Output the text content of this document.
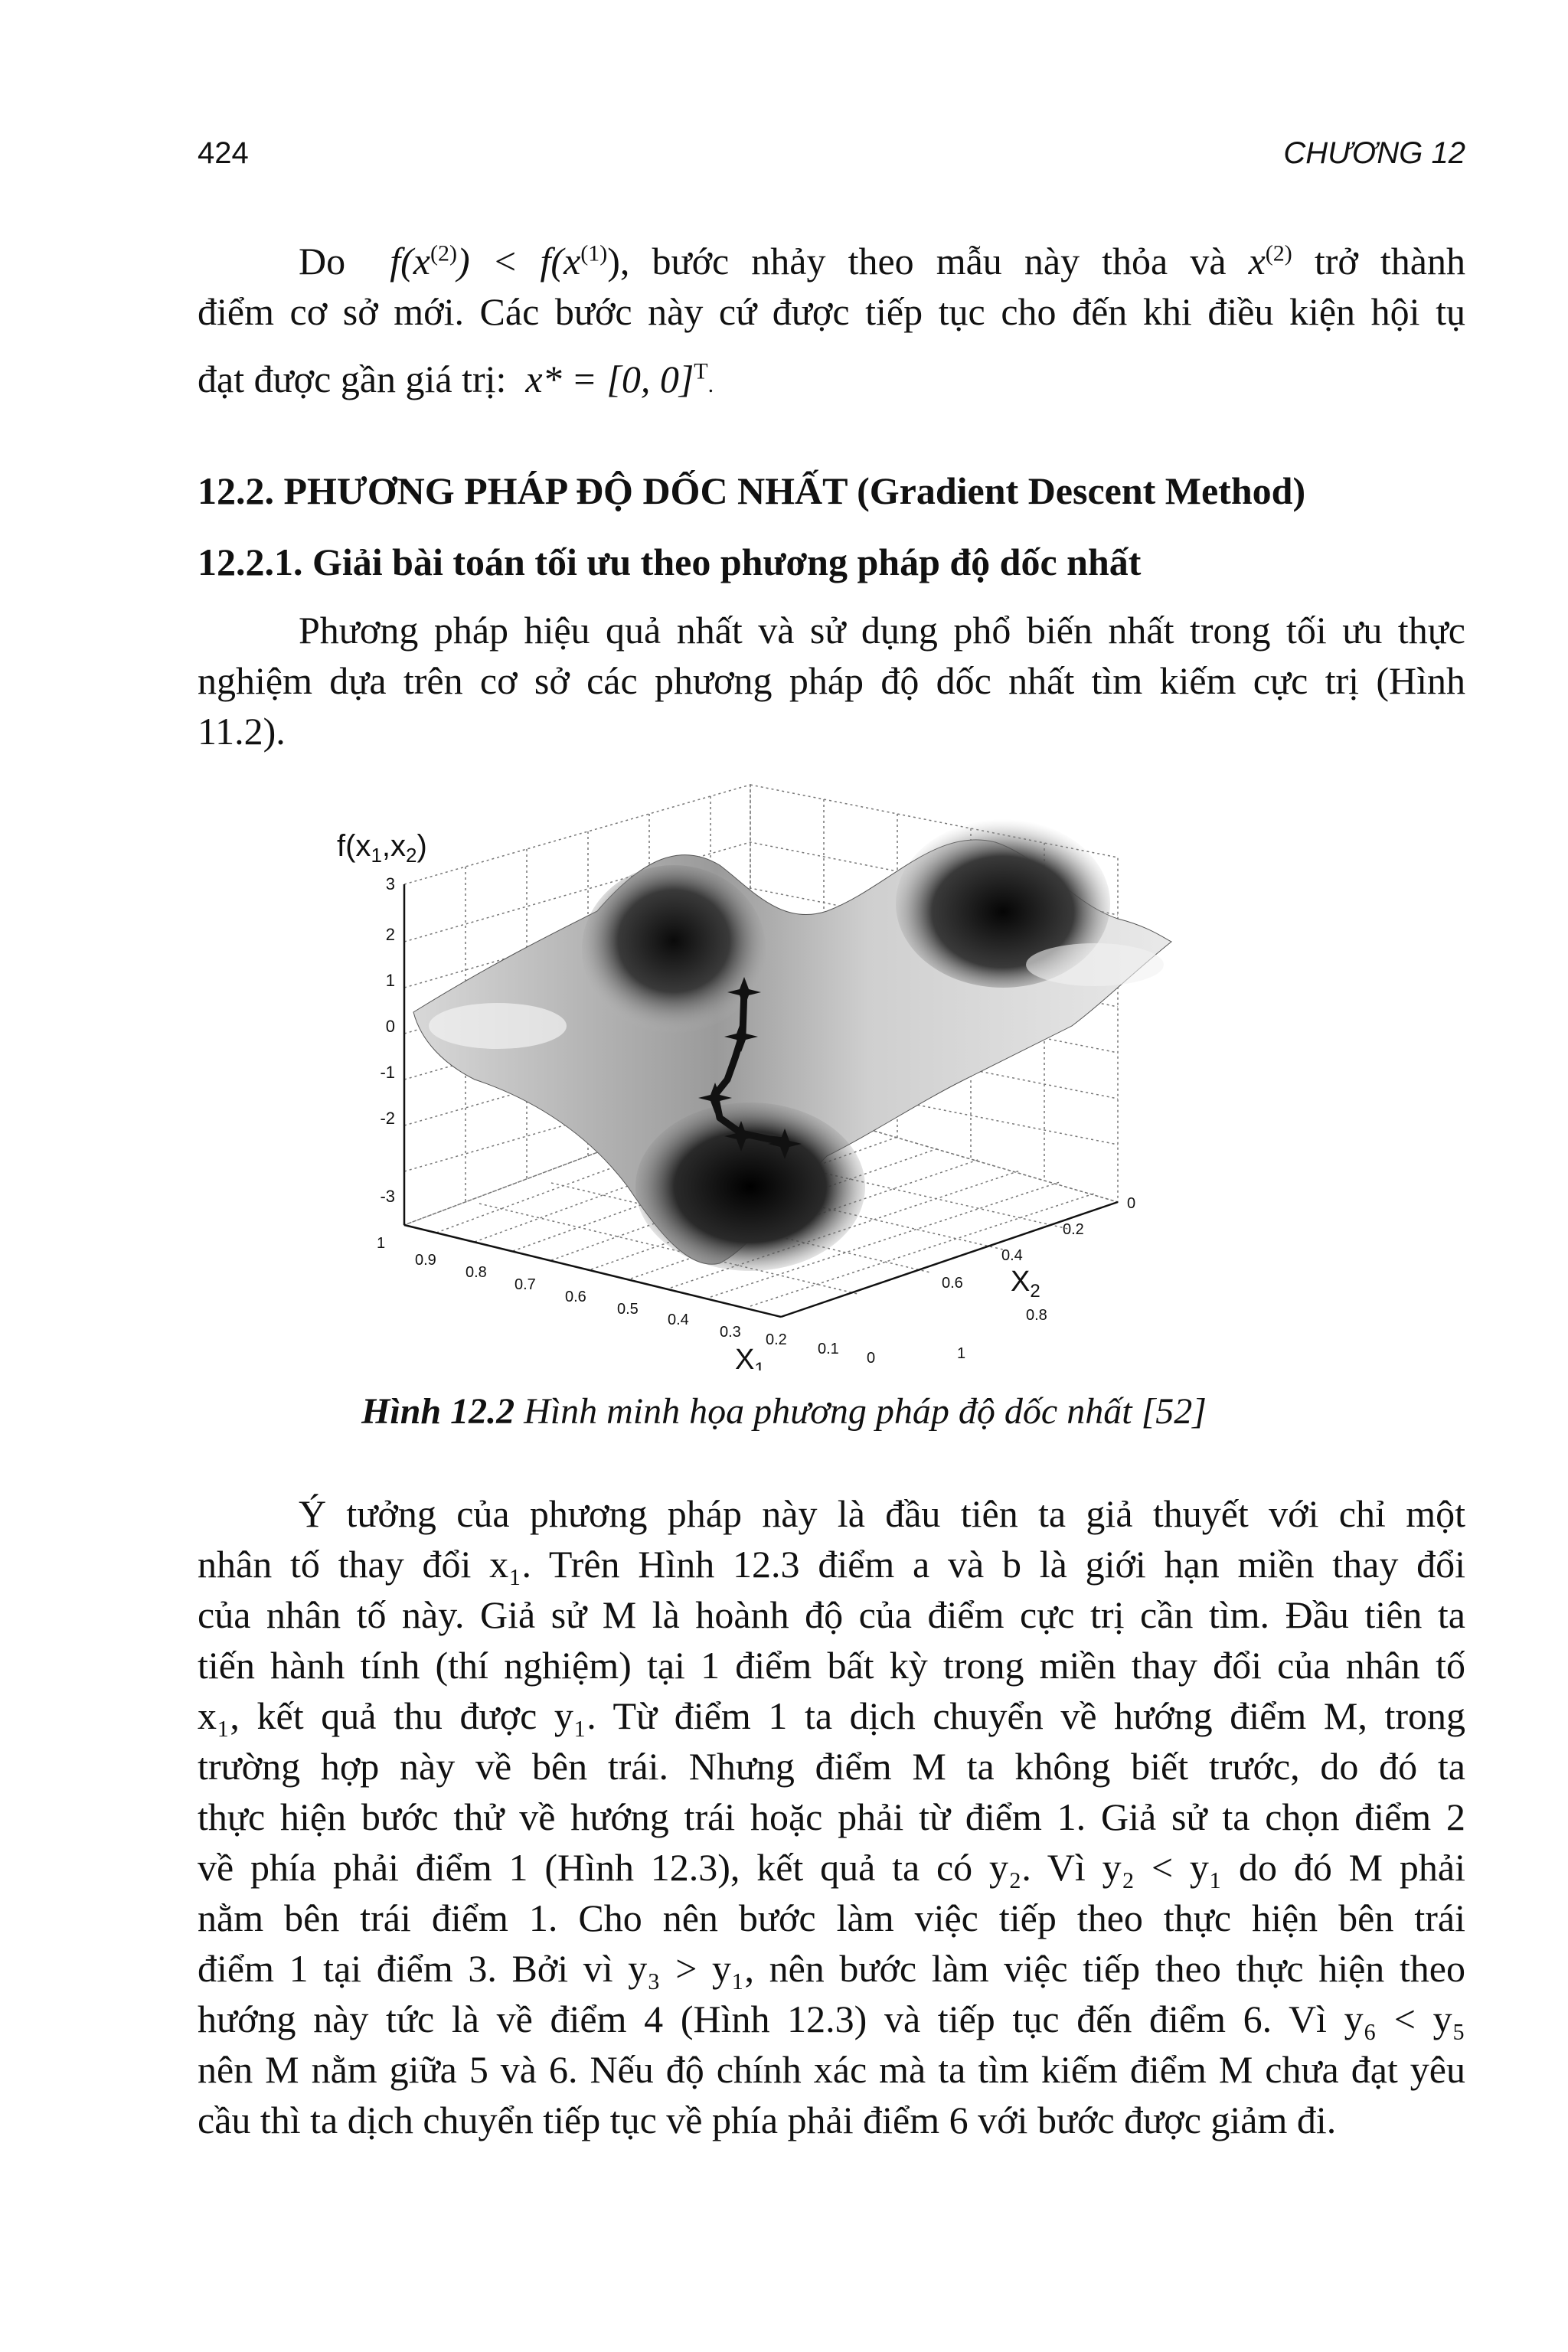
424	CHƯƠNG 12
Do $f(x^{(2)}) < f(x^{(1)})$, bước nhảy theo mẫu này thỏa và $x^{(2)}$ trở thành
điểm cơ sở mới. Các bước này cứ được tiếp tục cho đến khi điều kiện hội tụ
đạt được gần giá trị: x* = [0, 0]$^T$.
12.2. PHƯƠNG PHÁP ĐỘ DỐC NHẤT (Gradient Descent Method)
12.2.1. Giải bài toán tối ưu theo phương pháp độ dốc nhất
Phương pháp hiệu quả nhất và sử dụng phổ biến nhất trong tối ưu thực
nghiệm dựa trên cơ sở các phương pháp độ dốc nhất tìm kiếm cực trị (Hình
11.2).
$f(x_1,x_2)$
3
2
1
0
-1
-2
-3
1
0.9
0.8
0.7
0.6
0.5
0.4
0.3 0.2
0.1
0
$X_1$
0
0.2
0.4
0.6
0.8
1
$X_2$
Hình 12.2 Hình minh họa phương pháp độ dốc nhất [52]
Ý tưởng của phương pháp này là đầu tiên ta giả thuyết với chỉ một
nhân tố thay đổi x₁. Trên Hình 12.3 điểm a và b là giới hạn miền thay đổi
của nhân tố này. Giả sử M là hoành độ của điểm cực trị cần tìm. Đầu tiên ta
tiến hành tính (thí nghiệm) tại 1 điểm bất kỳ trong miền thay đổi của nhân tố
x₁, kết quả thu được y₁. Từ điểm 1 ta dịch chuyển về hướng điểm M, trong
trường hợp này về bên trái. Nhưng điểm M ta không biết trước, do đó ta
thực hiện bước thử về hướng trái hoặc phải từ điểm 1. Giả sử ta chọn điểm 2
về phía phải điểm 1 (Hình 12.3), kết quả ta có y₂. Vì y₂ < y₁ do đó M phải
nằm bên trái điểm 1. Cho nên bước làm việc tiếp theo thực hiện bên trái
điểm 1 tại điểm 3. Bởi vì y₃ > y₁, nên bước làm việc tiếp theo thực hiện theo
hướng này tức là về điểm 4 (Hình 12.3) và tiếp tục đến điểm 6. Vì y₆ < y₅
nên M nằm giữa 5 và 6. Nếu độ chính xác mà ta tìm kiếm điểm M chưa đạt yêu
cầu thì ta dịch chuyển tiếp tục về phía phải điểm 6 với bước được giảm đi.
